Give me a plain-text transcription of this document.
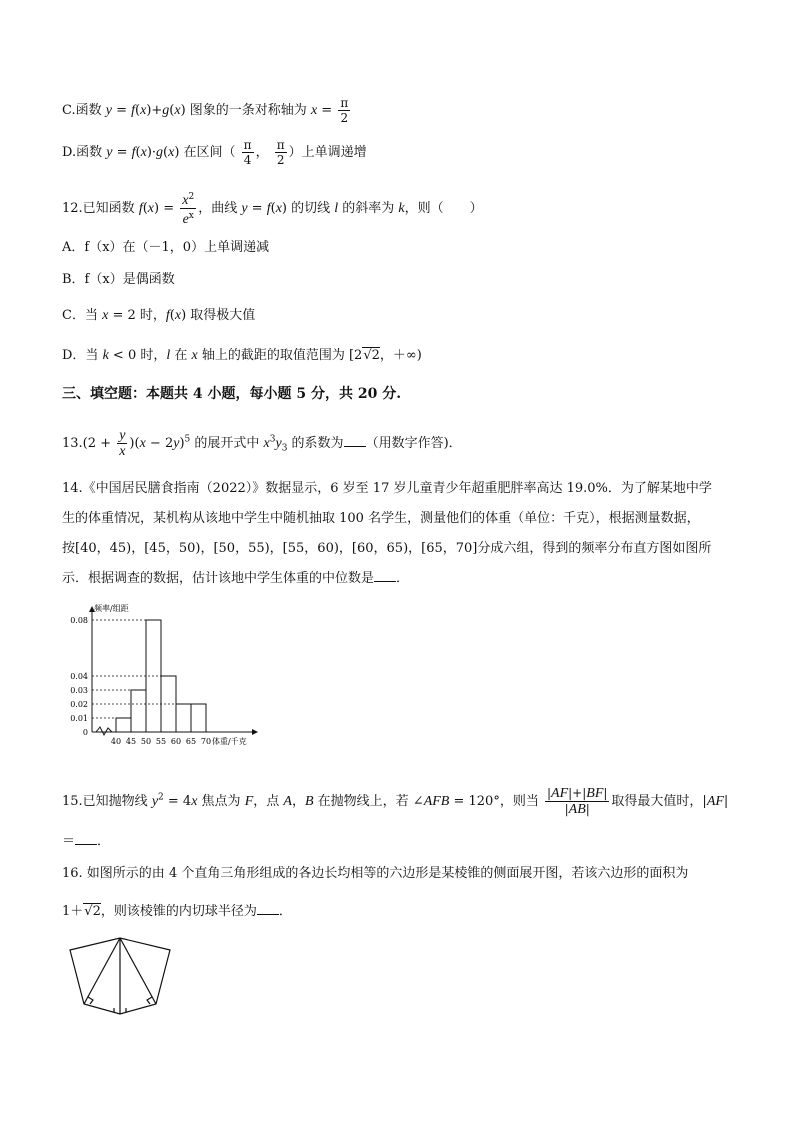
C.函数 y = f(x)+g(x) 图象的一条对称轴为 $x = \frac{\pi}{2}$
D.函数 y = f(x)·g(x) 在区间（ $\frac{\pi}{4}$ ， $\frac{\pi}{2}$ ）上单调递增
12.已知函数 $f(x) = \frac{x^2}{e^x}$ ，曲线 y = f(x) 的切线 l 的斜率为 k，则（　　）
A．f（x）在（－1，0）上单调递减
B．f（x）是偶函数
C．当 x = 2 时，f(x) 取得极大值
D．当 k < 0 时，l 在 x 轴上的截距的取值范围为 [2√2，＋∞)
三、填空题：本题共 4 小题，每小题 5 分，共 20 分.
$13.(2 + \frac{y}{x} )(x - 2y)^5$ 的展开式中 $x^3y_3$ 的系数为 （用数字作答)．
14.《中国居民膳食指南（2022）》数据显示，6 岁至 17 岁儿童青少年超重肥胖率高达 19.0%．为了解某地中学
生的体重情况，某机构从该地中学生中随机抽取 100 名学生，测量他们的体重（单位：千克），根据测量数据，
按[40，45)，[45，50)，[50，55)，[55，60)，[60，65)，[65，70]分成六组，得到的频率分布直方图如图所
示．根据调查的数据，估计该地中学生体重的中位数是 ．
0
0.01
0.02
0.03
0.04
0.08
40 45 50 55 60 65 70
频率/组距
体重/千克
15.已知抛物线 $y^2 = 4x$ 焦点为 F，点 A，B 在抛物线上，若 ∠AFB = 120°，则当 $\frac{|AF|+|BF|}{|AB|}$ 取得最大值时，|AF|
＝ ．
16. 如图所示的由 4 个直角三角形组成的各边长均相等的六边形是某棱锥的侧面展开图，若该六边形的面积为
1＋√2，则该棱锥的内切球半径为 ．
